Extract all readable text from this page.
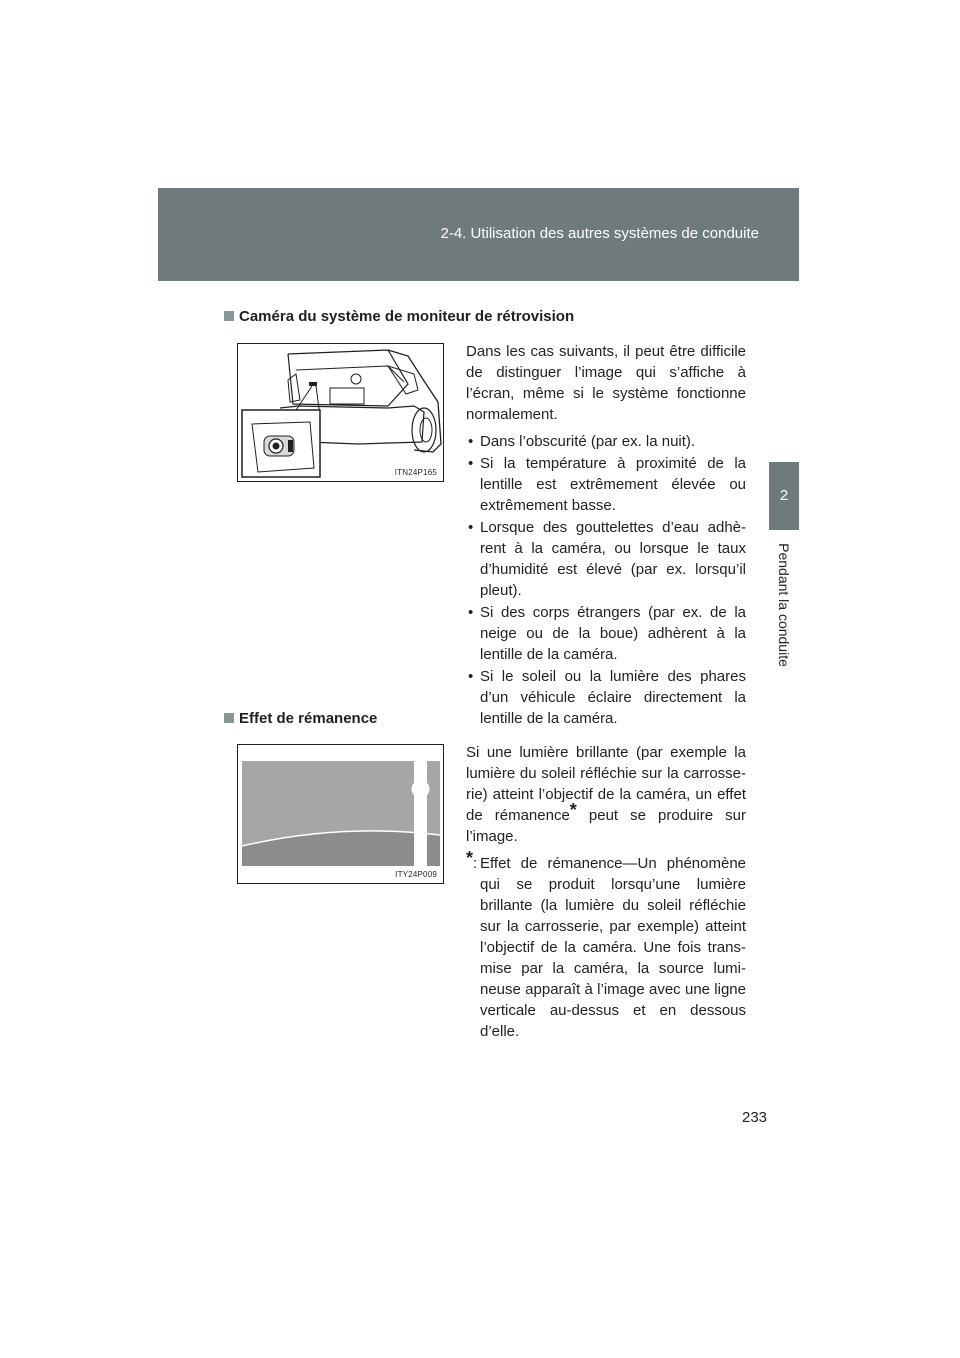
2-4. Utilisation des autres systèmes de conduite
2
Pendant la conduite
Caméra du système de moniteur de rétrovision
ITN24P165

Dans les cas suivants, il peut être difficile de distinguer l’image qui s’affiche à l’écran, même si le système fonctionne normalement.

• Dans l’obscurité (par ex. la nuit).
• Si la température à proximité de la lentille est extrêmement élevée ou extrêmement basse.
• Lorsque des gouttelettes d’eau adhè-rent à la caméra, ou lorsque le taux d’humidité est élevé (par ex. lorsqu’il pleut).
• Si des corps étrangers (par ex. de la neige ou de la boue) adhèrent à la lentille de la caméra.
• Si le soleil ou la lumière des phares d’un véhicule éclaire directement la lentille de la caméra.
Effet de rémanence
ITY24P009

Si une lumière brillante (par exemple la lumière du soleil réfléchie sur la carrosse-rie) atteint l’objectif de la caméra, un effet de rémanence* peut se produire sur l’image.

*: Effet de rémanence—Un phénomène qui se produit lorsqu’une lumière brillante (la lumière du soleil réfléchie sur la carrosserie, par exemple) atteint l’objectif de la caméra. Une fois trans-mise par la caméra, la source lumi-neuse apparaît à l’image avec une ligne verticale au-dessus et en dessous d’elle.
233
